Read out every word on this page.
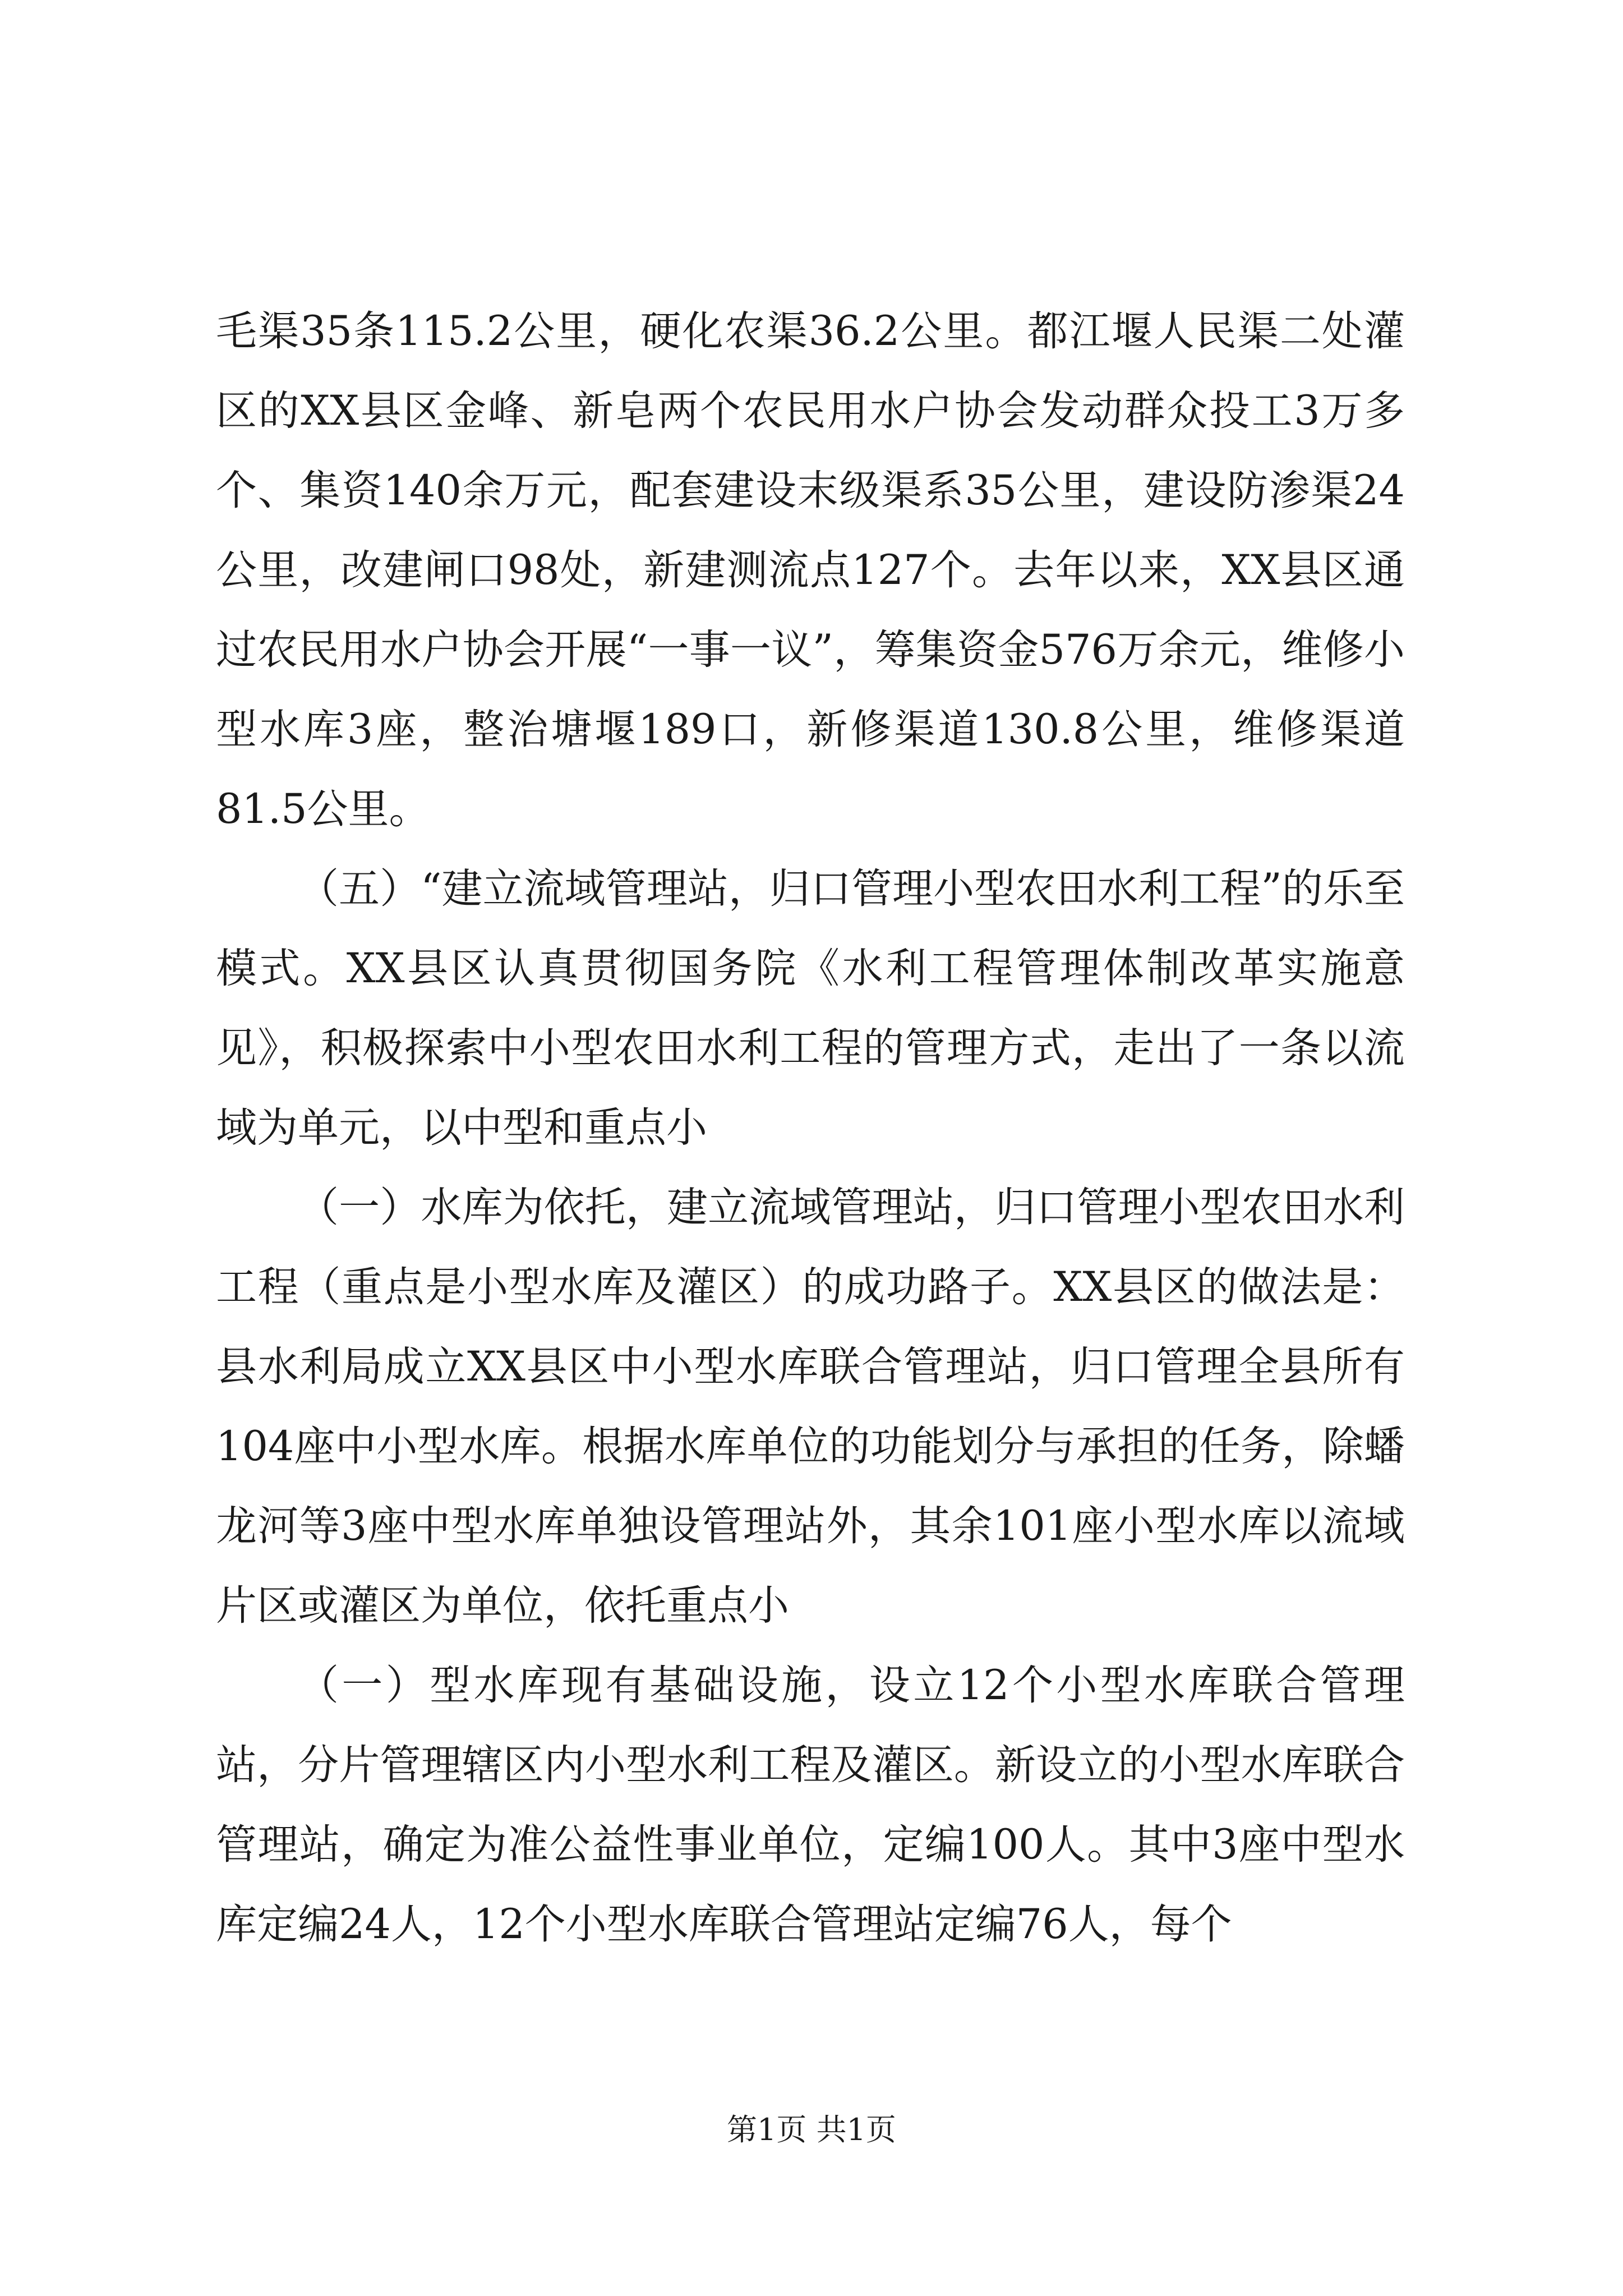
毛渠35条115.2公里，硬化农渠36.2公里。都江堰人民渠二处灌区的XX县区金峰、新皂两个农民用水户协会发动群众投工3万多个、集资140余万元，配套建设末级渠系35公里，建设防渗渠24公里，改建闸口98处，新建测流点127个。去年以来，XX县区通过农民用水户协会开展“一事一议”，筹集资金576万余元，维修小型水库3座，整治塘堰189口，新修渠道130.8公里，维修渠道81.5公里。

（五）“建立流域管理站，归口管理小型农田水利工程”的乐至模式。XX县区认真贯彻国务院《水利工程管理体制改革实施意见》，积极探索中小型农田水利工程的管理方式，走出了一条以流域为单元，以中型和重点小

（一）水库为依托，建立流域管理站，归口管理小型农田水利工程（重点是小型水库及灌区）的成功路子。XX县区的做法是：县水利局成立XX县区中小型水库联合管理站，归口管理全县所有104座中小型水库。根据水库单位的功能划分与承担的任务，除蟠龙河等3座中型水库单独设管理站外，其余101座小型水库以流域片区或灌区为单位，依托重点小

（一）型水库现有基础设施，设立12个小型水库联合管理站，分片管理辖区内小型水利工程及灌区。新设立的小型水库联合管理站，确定为准公益性事业单位，定编100人。其中3座中型水库定编24人，12个小型水库联合管理站定编76人，每个

第1页 共1页
